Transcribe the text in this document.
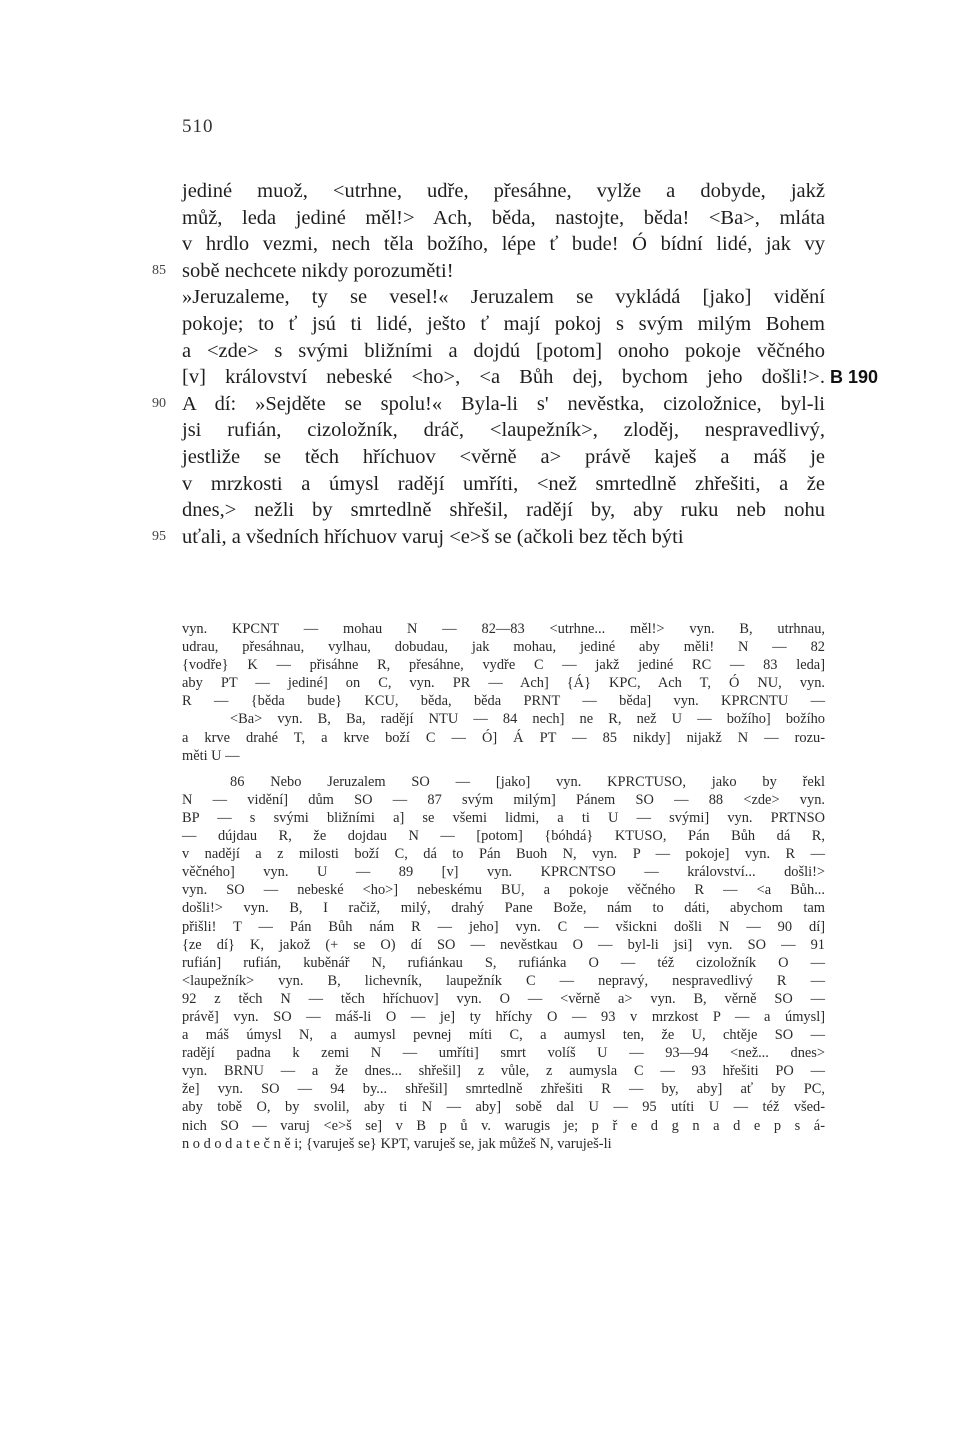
510
jediné muož, <utrhne, udře, přesáhne, vylže a dobyde, jakž
můž, leda jediné měl!> Ach, běda, nastojte, běda! <Ba>, mláta
v hrdlo vezmi, nech těla božího, lépe ť bude! Ó bídní lidé, jak vy
85 sobě nechcete nikdy porozuměti!
»Jeruzaleme, ty se vesel!« Jeruzalem se vykládá [jako] vidění
pokoje; to ť jsú ti lidé, ješto ť mají pokoj s svým milým Bohem
a <zde> s svými bližními a dojdú [potom] onoho pokoje věčného
[v] království nebeské <ho>, <a Bůh dej, bychom jeho došli!>. B 190
90 A dí: »Sejděte se spolu!« Byla-li s' nevěstka, cizoložnice, byl-li
jsi rufián, cizoložník, dráč, <laupežník>, zloděj, nespravedlivý,
jestliže se těch hříchuov <věrně a> právě kaješ a máš je
v mrzkosti a úmysl radějí umříti, <než smrtedlně zhřešiti, a že
dnes,> nežli by smrtedlně shřešil, radějí by, aby ruku neb nohu
95 uťali, a všedních hříchuov varuj <e>š se (ačkoli bez těch býti
vyn. KPCNT — mohau N — 82—83 <utrhne... měl!> vyn. B, utrhnau,
udrau, přesáhnau, vylhau, dobudau, jak mohau, jediné aby měli! N — 82
{vodře} K — přisáhne R, přesáhne, vydře C — jakž jediné RC — 83 leda]
aby PT — jediné] on C, vyn. PR — Ach] {Á} KPC, Ach T, Ó NU, vyn.
R — {běda bude} KCU, běda, běda PRNT — běda] vyn. KPRCNTU —
<Ba> vyn. B, Ba, radějí NTU — 84 nech] ne R, než U — božího] božího
a krve drahé T, a krve boží C — Ó] Á PT — 85 nikdy] nijakž N — rozu-
měti U —
86 Nebo Jeruzalem SO — [jako] vyn. KPRCTUSO, jako by řekl
N — vidění] dům SO — 87 svým milým] Pánem SO — 88 <zde> vyn.
BP — s svými bližními a] se všemi lidmi, a ti U — svými] vyn. PRTNSO
— dújdau R, že dojdau N — [potom] {bóhdá} KTUSO, Pán Bůh dá R,
v nadějí a z milosti boží C, dá to Pán Buoh N, vyn. P — pokoje] vyn. R —
věčného] vyn. U — 89 [v] vyn. KPRCNTSO — království... došli!>
vyn. SO — nebeské <ho>] nebeskému BU, a pokoje věčného R — <a Bůh...
došli!> vyn. B, I račiž, milý, drahý Pane Bože, nám to dáti, abychom tam
přišli! T — Pán Bůh nám R — jeho] vyn. C — všickni došli N — 90 dí]
{ze dí} K, jakož (+ se O) dí SO — nevěstkau O — byl-li jsi] vyn. SO — 91
rufián] rufián, kuběnář N, rufiánkau S, rufiánka O — též cizoložník O —
<laupežník> vyn. B, lichevník, laupežník C — nepravý, nespravedlivý R —
92 z těch N — těch hříchuov] vyn. O — <věrně a> vyn. B, věrně SO —
právě] vyn. SO — máš-li O — je] ty hříchy O — 93 v mrzkost P — a úmysl]
a máš úmysl N, a aumysl pevnej míti C, a aumysl ten, že U, chtěje SO —
radějí padna k zemi N — umříti] smrt volíš U — 93—94 <než... dnes>
vyn. BRNU — a že dnes... shřešil] z vůle, z aumysla C — 93 hřešiti PO —
že] vyn. SO — 94 by... shřešil] smrtedlně zhřešiti R — by, aby] ať by PC,
aby tobě O, by svolil, aby ti N — aby] sobě dal U — 95 utíti U — též všed-
nich SO — varuj <e>š se] v B p ů v. warugis je; p ř e d g n a d e p s á-
n o d o d a t e č n ě i; {varuješ se} KPT, varuješ se, jak můžeš N, varuješ-li
